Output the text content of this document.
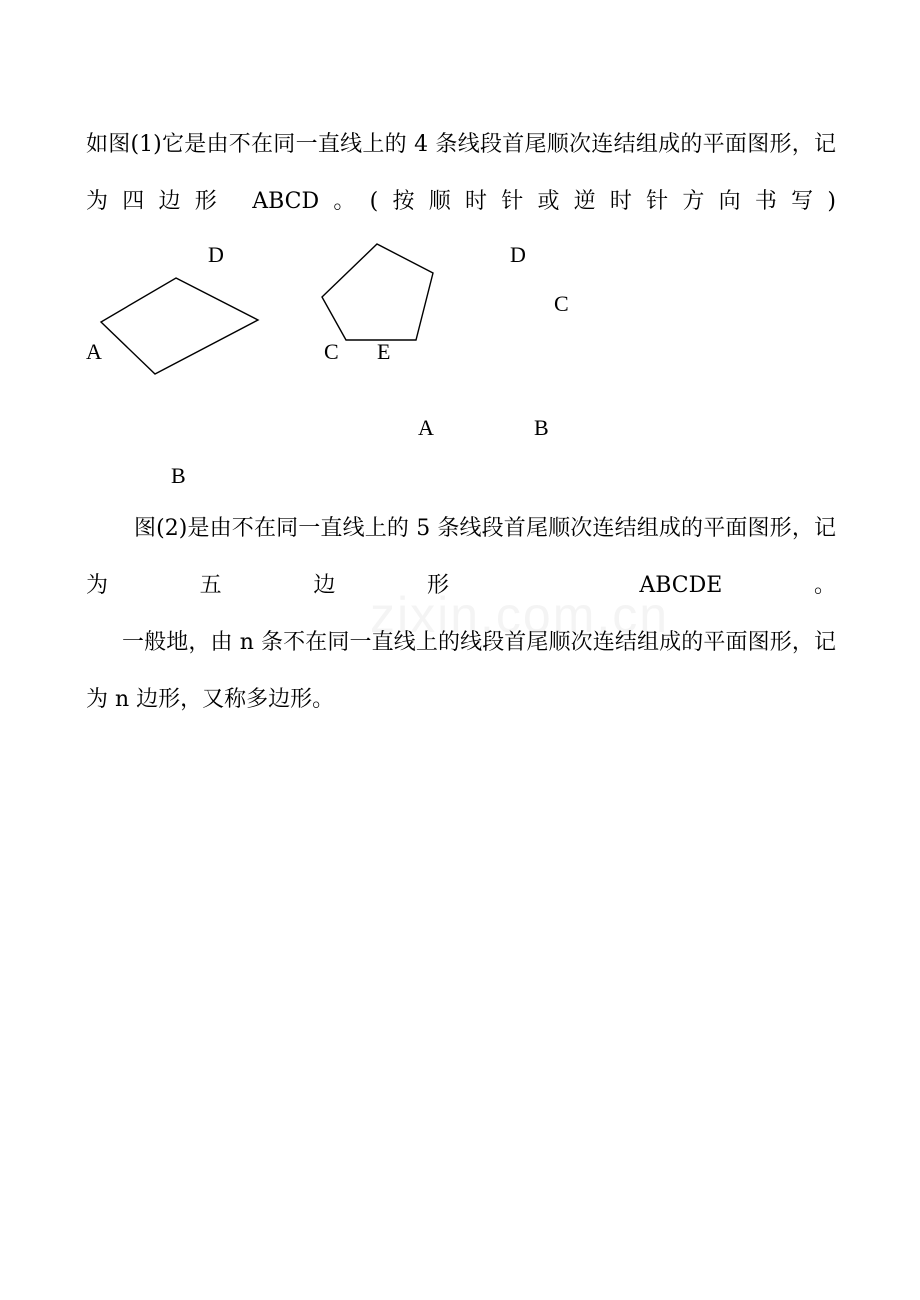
如图(1)它是由不在同一直线上的 4 条线段首尾顺次连结组成的平面图形，记为四边形 ABCD。(按顺时针或逆时针方向书写)

图(2)是由不在同一直线上的 5 条线段首尾顺次连结组成的平面图形，记为五边形 ABCDE。

一般地，由 n 条不在同一直线上的线段首尾顺次连结组成的平面图形，记为 n 边形，又称多边形。

D
A
B
C E
D
C
A	B
zixin.com.cn
